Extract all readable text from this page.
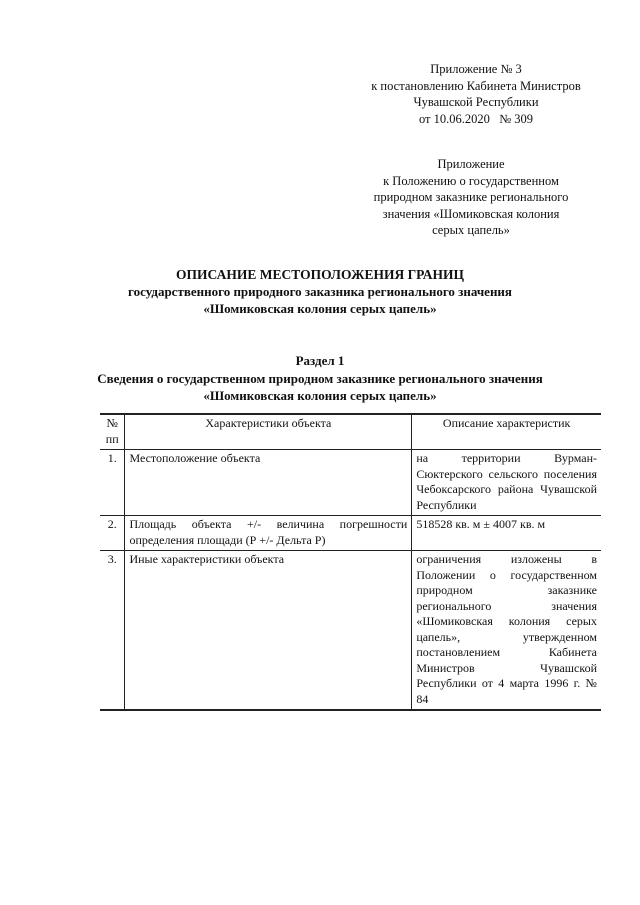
Приложение № 3
к постановлению Кабинета Министров
Чувашской Республики
от 10.06.2020   № 309
Приложение
к Положению о государственном
природном заказнике регионального
значения «Шомиковская колония
серых цапель»
ОПИСАНИЕ МЕСТОПОЛОЖЕНИЯ ГРАНИЦ
государственного природного заказника регионального значения
«Шомиковская колония серых цапель»
Раздел 1
Сведения о государственном природном заказнике регионального значения
«Шомиковская колония серых цапель»
№ пп	Характеристики объекта	Описание характеристик
1.	Местоположение объекта	на территории Вурман-Сюктерского сельского поселения Чебоксарского района Чувашской Республики
2.	Площадь объекта +/- величина погрешности определения площади (Р +/- Дельта Р)	518528 кв. м ± 4007 кв. м
3.	Иные характеристики объекта	ограничения изложены в Положении о государственном природном заказнике регионального значения «Шомиковская колония серых цапель», утвержденном постановлением Кабинета Министров Чувашской Республики от 4 марта 1996 г. № 84
